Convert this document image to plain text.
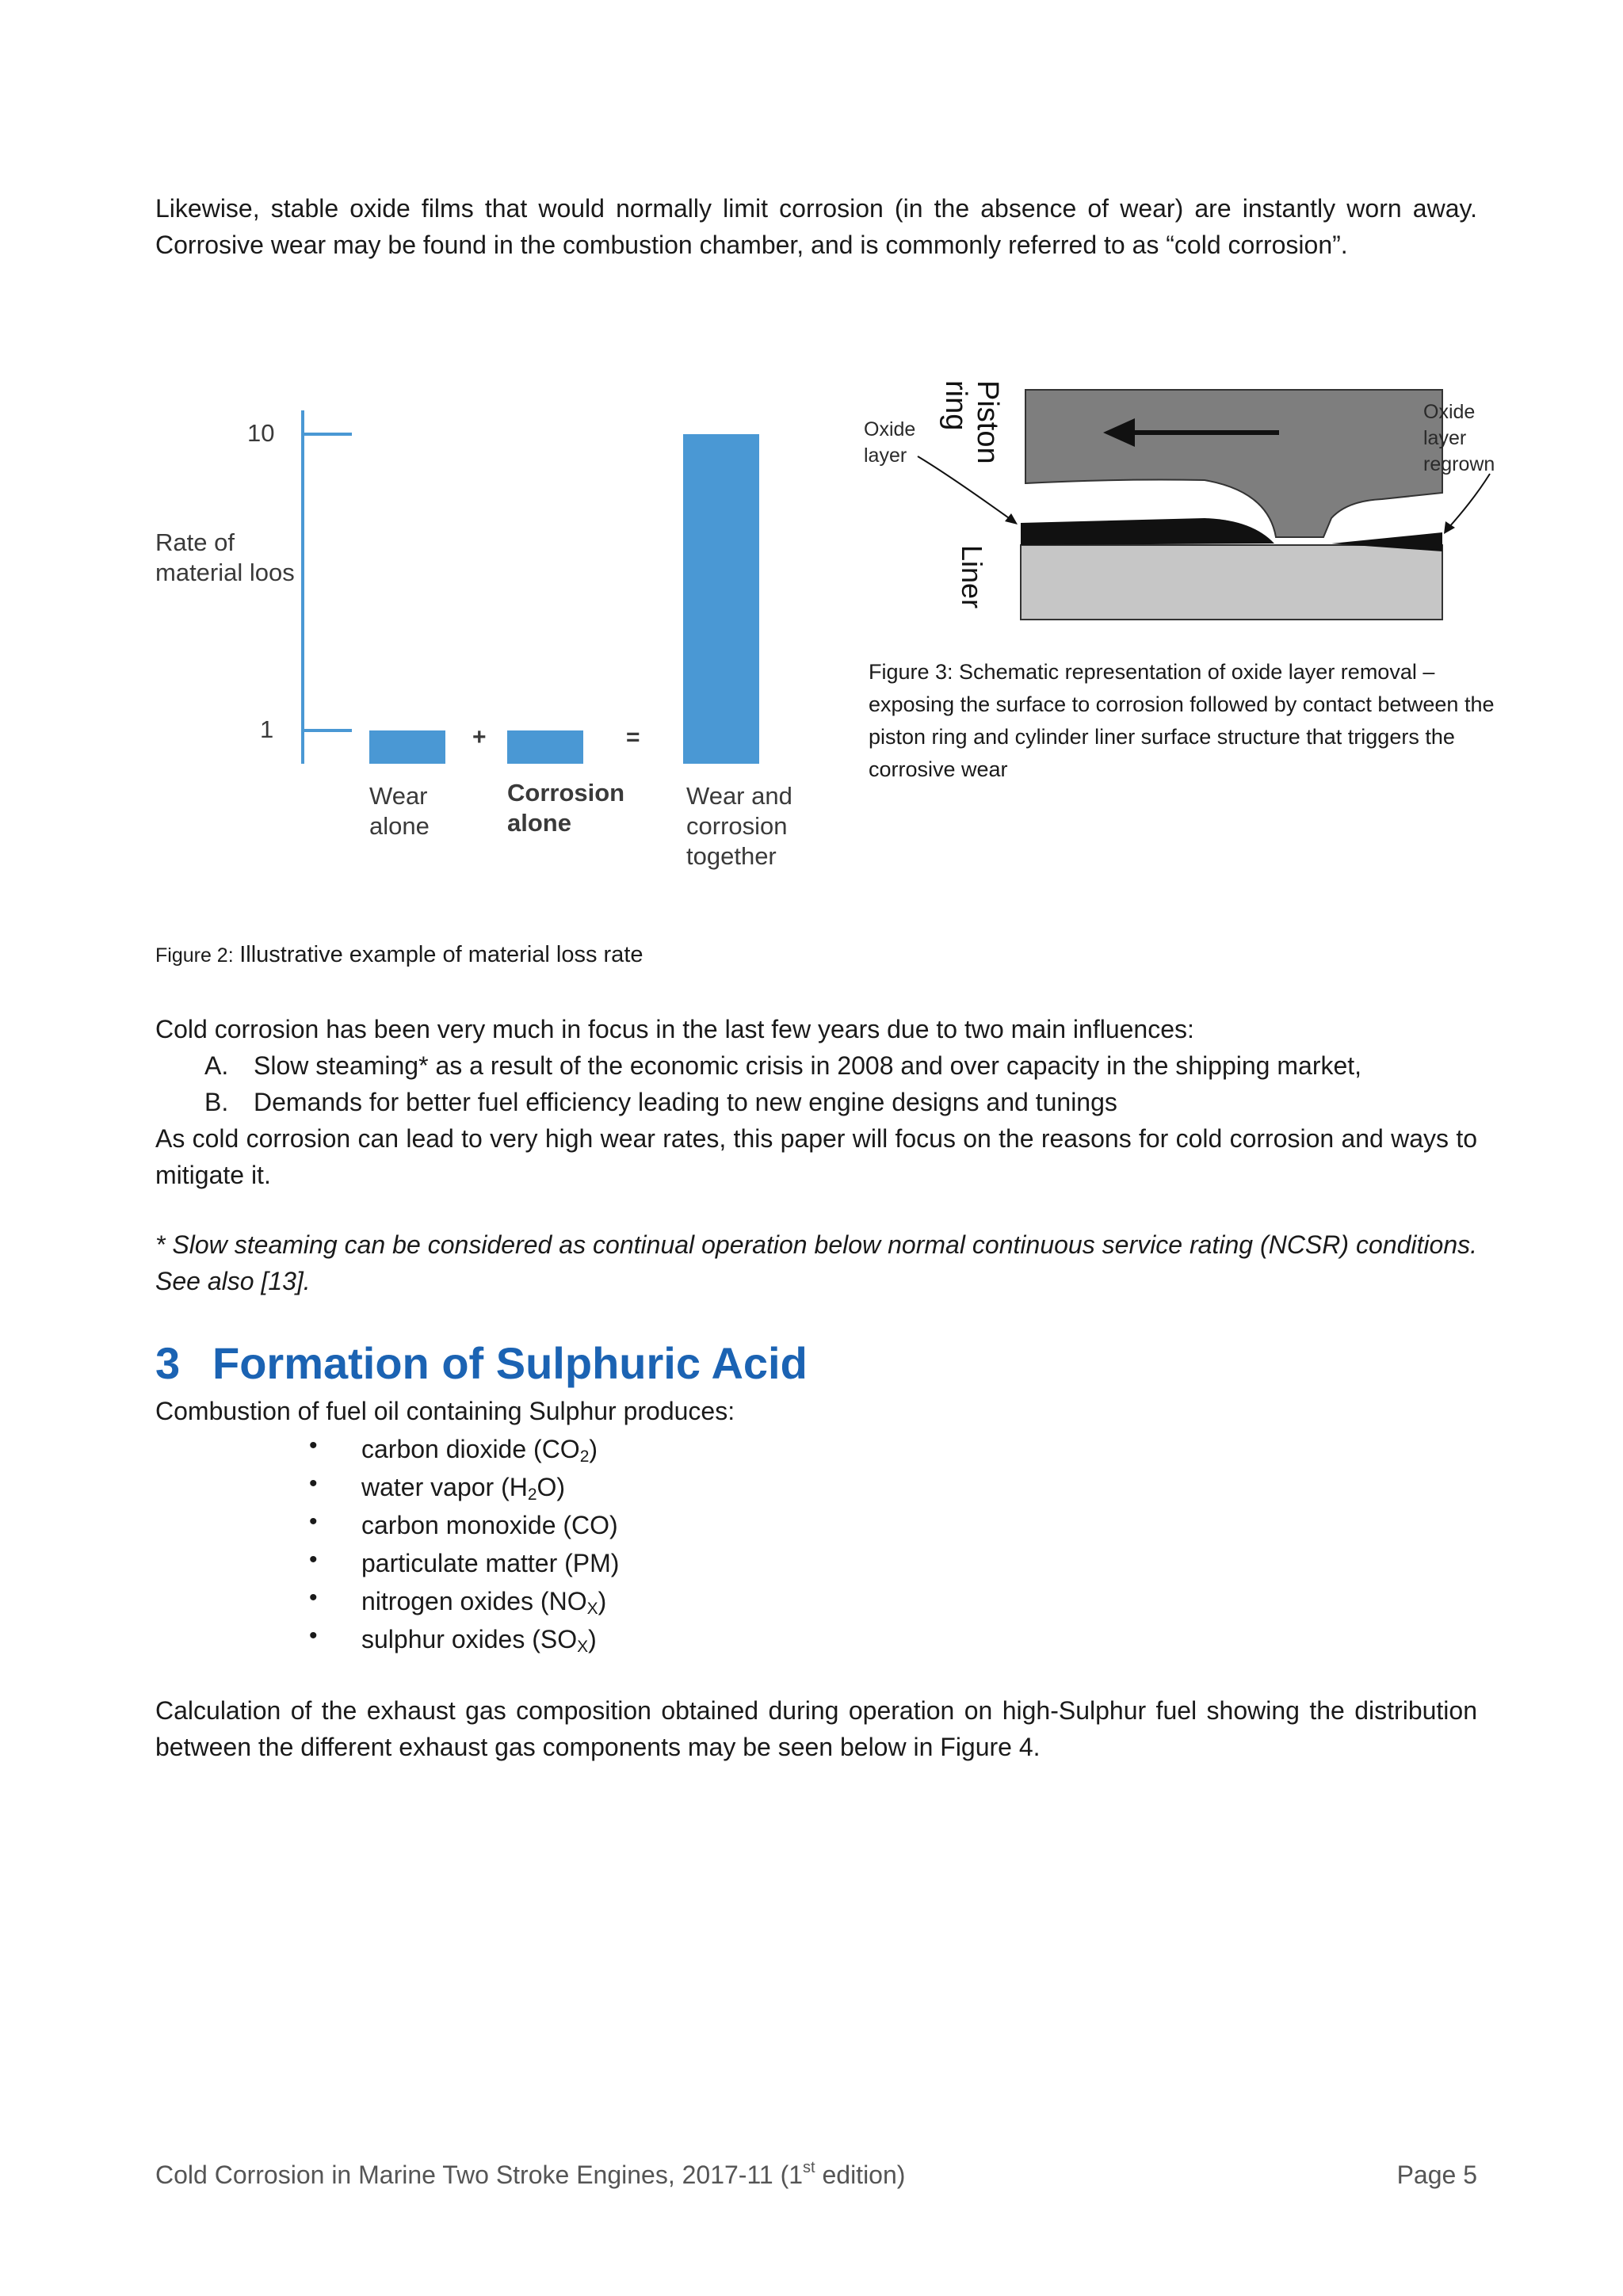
Likewise, stable oxide films that would normally limit corrosion (in the absence of wear) are instantly worn away. Corrosive wear may be found in the combustion chamber, and is commonly referred to as “cold corrosion”.

Rate of
material loos
10
1	+	=
Wear
alone
Corrosion
alone
Wear and
corrosion
together
Oxide
layer
Oxide
layer
regrown
Piston
ring
Liner
Figure 3: Schematic representation of oxide layer removal – exposing the surface to corrosion followed by contact between the piston ring and cylinder liner surface structure that triggers the corrosive wear
Figure 2: Illustrative example of material loss rate

Cold corrosion has been very much in focus in the last few years due to two main influences:

A. Slow steaming* as a result of the economic crisis in 2008 and over capacity in the shipping market,
B. Demands for better fuel efficiency leading to new engine designs and tunings

As cold corrosion can lead to very high wear rates, this paper will focus on the reasons for cold corrosion and ways to mitigate it.

* Slow steaming can be considered as continual operation below normal continuous service rating (NCSR) conditions. See also [13].

3 Formation of Sulphuric Acid

Combustion of fuel oil containing Sulphur produces:

• carbon dioxide $(CO_2)$
• water vapor $(H_2O)$
• carbon monoxide (CO)
• particulate matter (PM)
• nitrogen oxides $(NO_X)$
• sulphur oxides $(SO_X)$

Calculation of the exhaust gas composition obtained during operation on high-Sulphur fuel showing the distribution between the different exhaust gas components may be seen below in Figure 4.

Cold Corrosion in Marine Two Stroke Engines, 2017-11 (1st edition)	Page 5
